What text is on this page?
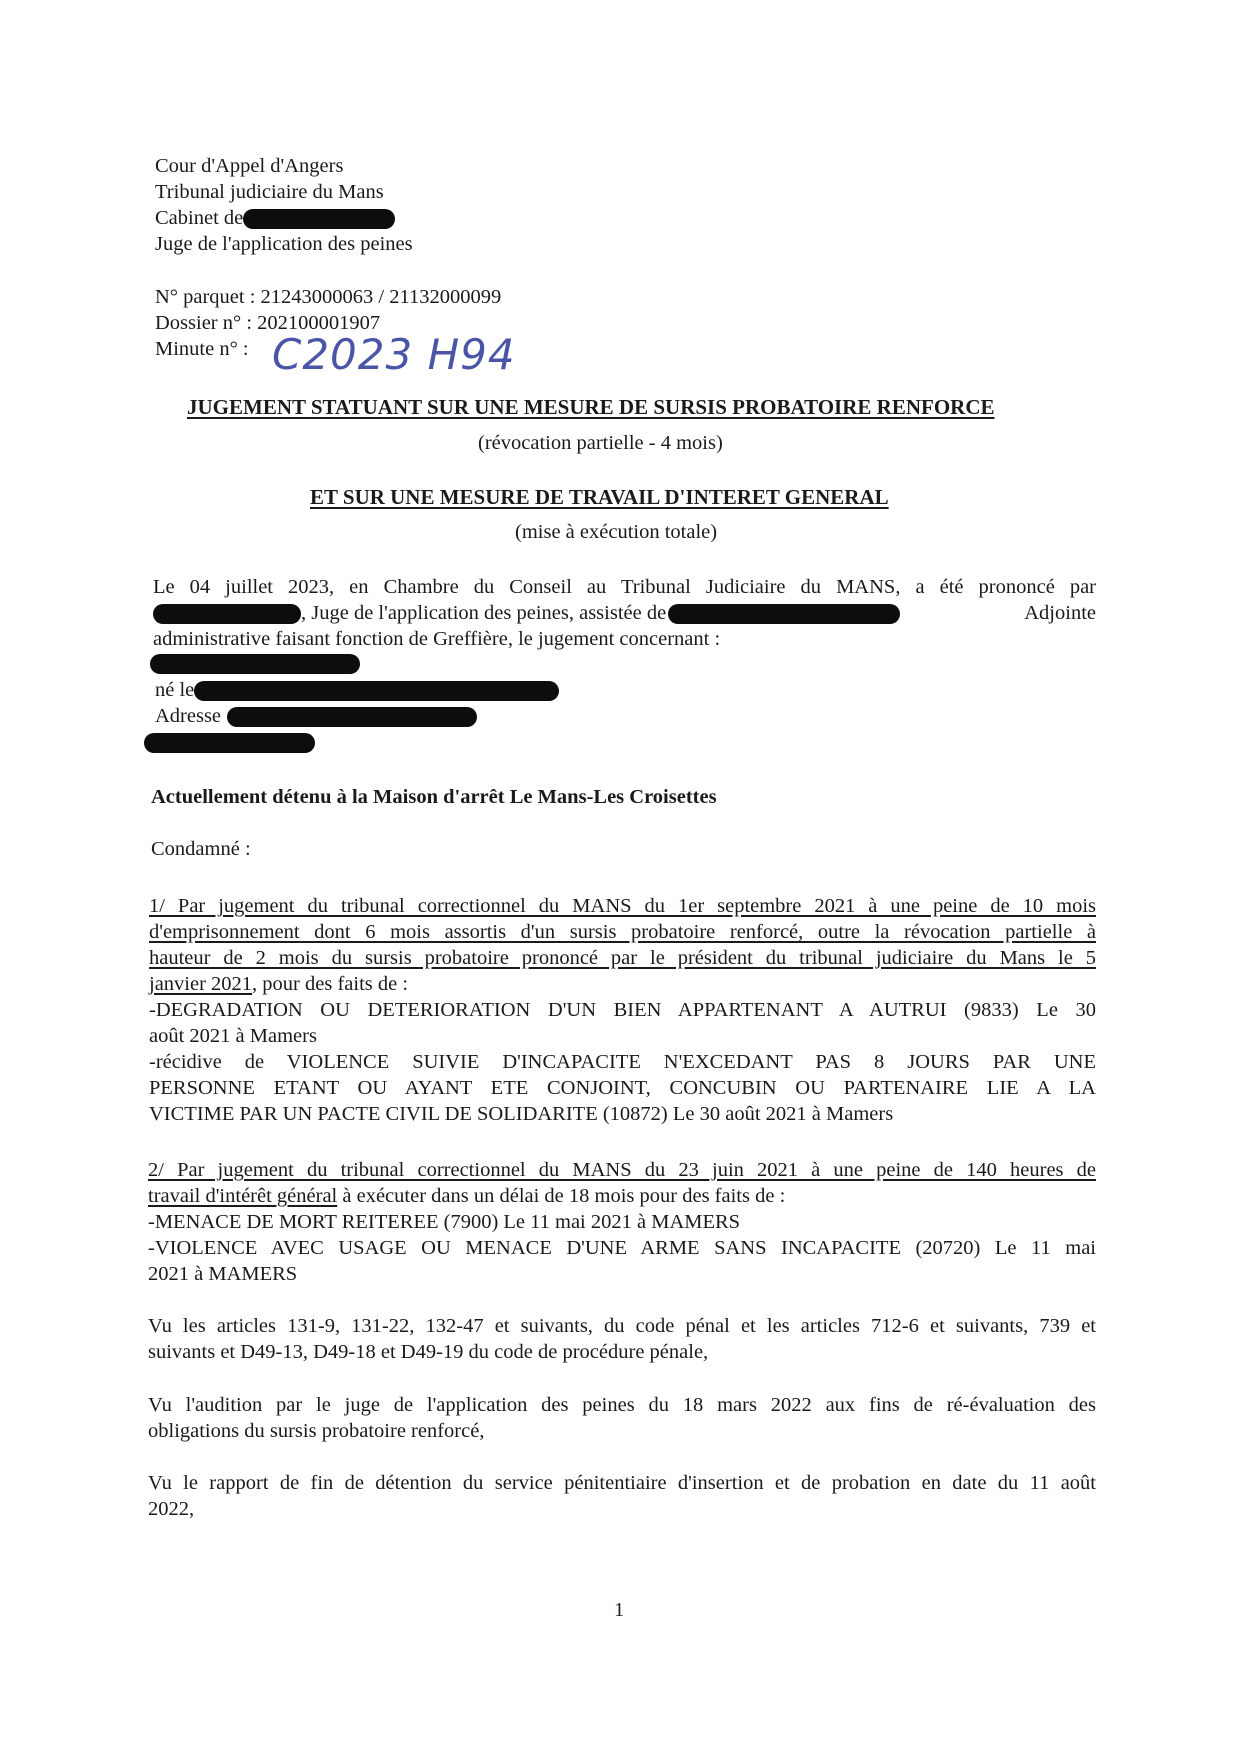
Cour d'Appel d'Angers
Tribunal judiciaire du Mans
Cabinet de
Juge de l'application des peines
N° parquet : 21243000063 / 21132000099
Dossier n° : 202100001907
Minute n° : C2023 H94
JUGEMENT STATUANT SUR UNE MESURE DE SURSIS PROBATOIRE RENFORCE
(révocation partielle - 4 mois)
ET SUR UNE MESURE DE TRAVAIL D'INTERET GENERAL
(mise à exécution totale)
Le 04 juillet 2023, en Chambre du Conseil au Tribunal Judiciaire du MANS, a été prononcé par
, Juge de l'application des peines, assistée de	Adjointe
administrative faisant fonction de Greffière, le jugement concernant :
né le
Adresse
Actuellement détenu à la Maison d'arrêt Le Mans-Les Croisettes
Condamné :
1/ Par jugement du tribunal correctionnel du MANS du 1er septembre 2021 à une peine de 10 mois
d'emprisonnement dont 6 mois assortis d'un sursis probatoire renforcé, outre la révocation partielle à
hauteur de 2 mois du sursis probatoire prononcé par le président du tribunal judiciaire du Mans le 5
janvier 2021, pour des faits de :
-DEGRADATION OU DETERIORATION D'UN BIEN APPARTENANT A AUTRUI (9833) Le 30
août 2021 à Mamers
-récidive de VIOLENCE SUIVIE D'INCAPACITE N'EXCEDANT PAS 8 JOURS PAR UNE
PERSONNE ETANT OU AYANT ETE CONJOINT, CONCUBIN OU PARTENAIRE LIE A LA
VICTIME PAR UN PACTE CIVIL DE SOLIDARITE (10872) Le 30 août 2021 à Mamers
2/ Par jugement du tribunal correctionnel du MANS du 23 juin 2021 à une peine de 140 heures de
travail d'intérêt général à exécuter dans un délai de 18 mois pour des faits de :
-MENACE DE MORT REITEREE (7900) Le 11 mai 2021 à MAMERS
-VIOLENCE AVEC USAGE OU MENACE D'UNE ARME SANS INCAPACITE (20720) Le 11 mai
2021 à MAMERS
Vu les articles 131-9, 131-22, 132-47 et suivants, du code pénal et les articles 712-6 et suivants, 739 et
suivants et D49-13, D49-18 et D49-19 du code de procédure pénale,
Vu l'audition par le juge de l'application des peines du 18 mars 2022 aux fins de ré-évaluation des
obligations du sursis probatoire renforcé,
Vu le rapport de fin de détention du service pénitentiaire d'insertion et de probation en date du 11 août
2022,
1
